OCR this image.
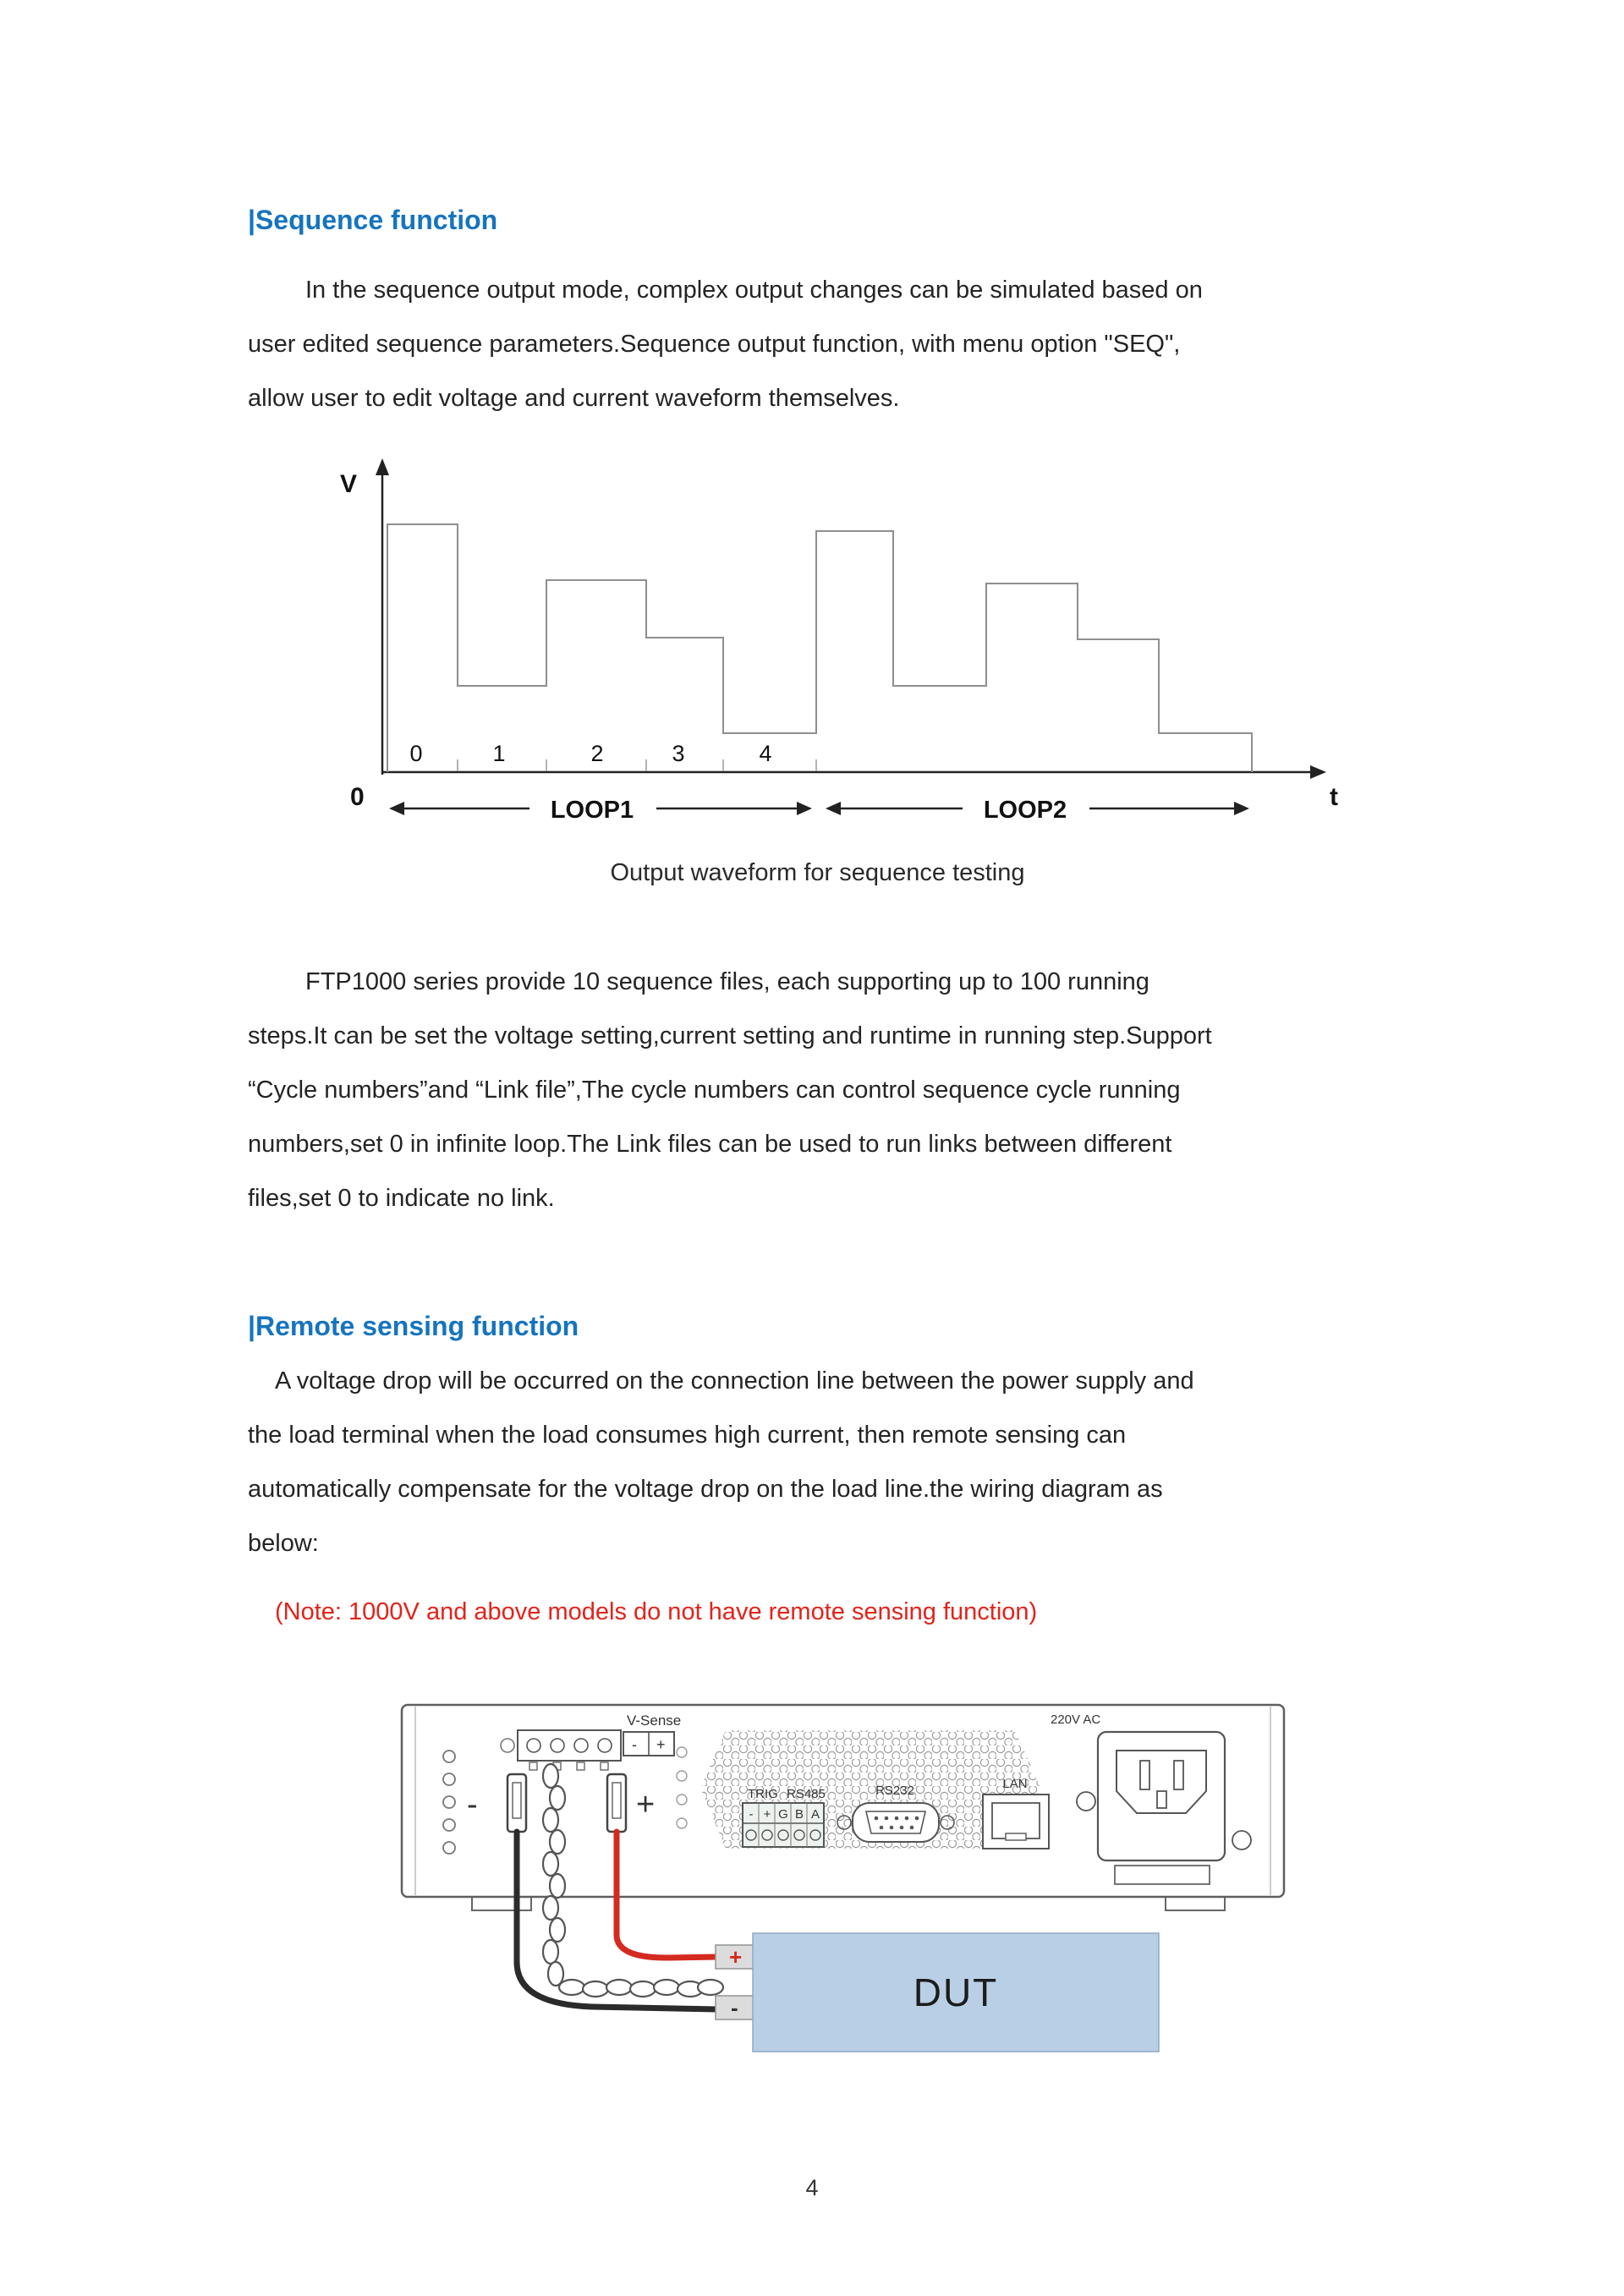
|Sequence function
In the sequence output mode, complex output changes can be simulated based on
user edited sequence parameters.Sequence output function, with menu option "SEQ",
allow user to edit voltage and current waveform themselves.
V
t
0
0	1	2	3	4
LOOP1	LOOP2
Output waveform for sequence testing
FTP1000 series provide 10 sequence files, each supporting up to 100 running
steps.It can be set the voltage setting,current setting and runtime in running step.Support
“Cycle numbers”and “Link file”,The cycle numbers can control sequence cycle running
numbers,set 0 in infinite loop.The Link files can be used to run links between different
files,set 0 to indicate no link.
|Remote sensing function
A voltage drop will be occurred on the connection line between the power supply and
the load terminal when the load consumes high current, then remote sensing can
automatically compensate for the voltage drop on the load line.the wiring diagram as
below:
(Note: 1000V and above models do not have remote sensing function)
-	+
V-Sense
- +
TRIG RS485
- + G B A
RS232	LAN
220V AC
+
-	DUT
4
